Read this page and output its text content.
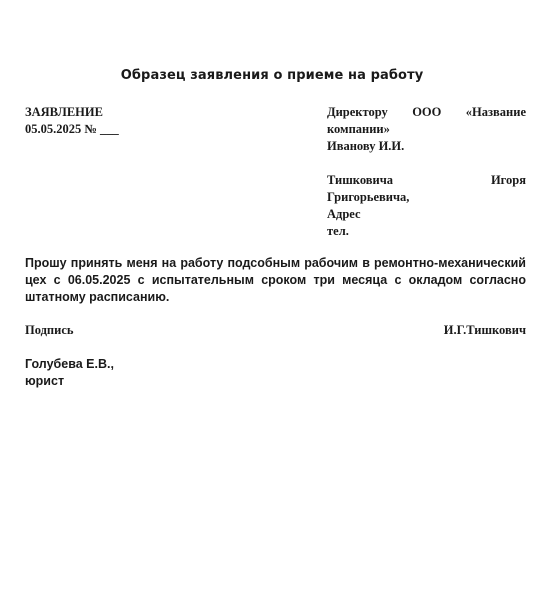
Образец заявления о приеме на работу
ЗАЯВЛЕНИЕ
05.05.2025 № ___
Директору ООО «Название
компании»
Иванову И.И.
Тишковича	Игоря
Григорьевича,
Адрес
тел.
Прошу принять меня на работу подсобным рабочим в ремонтно-механический цех с 06.05.2025 с испытательным сроком три месяца с окладом согласно штатному расписанию.
Подпись	И.Г.Тишкович
Голубева Е.В.,
юрист
